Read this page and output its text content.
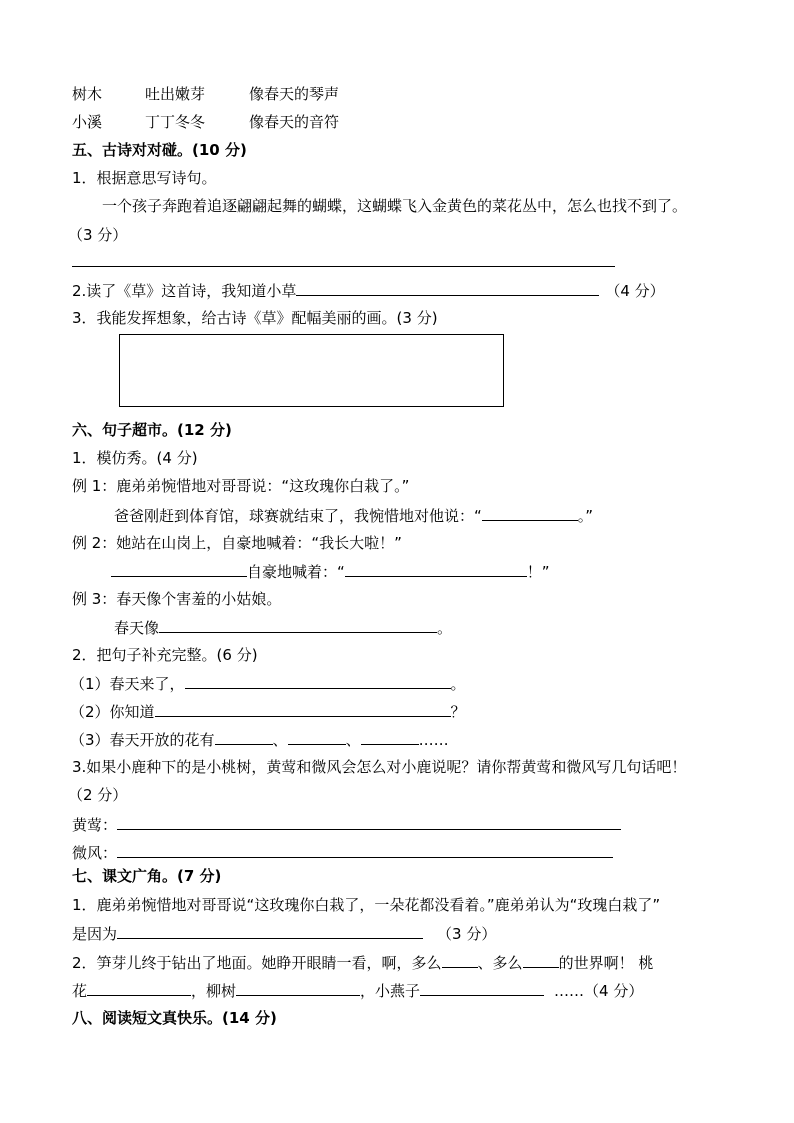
树木	吐出嫩芽	像春天的琴声
小溪	丁丁冬冬	像春天的音符
五、古诗对对碰。(10 分)
1．根据意思写诗句。
一个孩子奔跑着追逐翩翩起舞的蝴蝶，这蝴蝶飞入金黄色的菜花丛中，怎么也找不到了。
（3 分）
2.读了《草》这首诗，我知道小草	（4 分）
3．我能发挥想象，给古诗《草》配幅美丽的画。(3 分)
六、句子超市。(12 分)
1．模仿秀。(4 分)
例 1：鹿弟弟惋惜地对哥哥说：“这玫瑰你白栽了。”
爸爸刚赶到体育馆，球赛就结束了，我惋惜地对他说：“	。”
例 2：她站在山岗上，自豪地喊着：“我长大啦！”
自豪地喊着：“	！”
例 3：春天像个害羞的小姑娘。
春天像	。
2．把句子补充完整。(6 分)
（1）春天来了，	。
（2）你知道	？
（3）春天开放的花有	、	、	……
3.如果小鹿种下的是小桃树，黄莺和微风会怎么对小鹿说呢？请你帮黄莺和微风写几句话吧！
（2 分）
黄莺：
微风：
七、课文广角。(7 分)
1．鹿弟弟惋惜地对哥哥说“这玫瑰你白栽了，一朵花都没看着。”鹿弟弟认为“玫瑰白栽了”
是因为	（3 分）
2．笋芽儿终于钻出了地面。她睁开眼睛一看，啊，多么 、多么 的世界啊！ 桃
花	，柳树	，小燕子	……（4 分）
八、阅读短文真快乐。(14 分)
